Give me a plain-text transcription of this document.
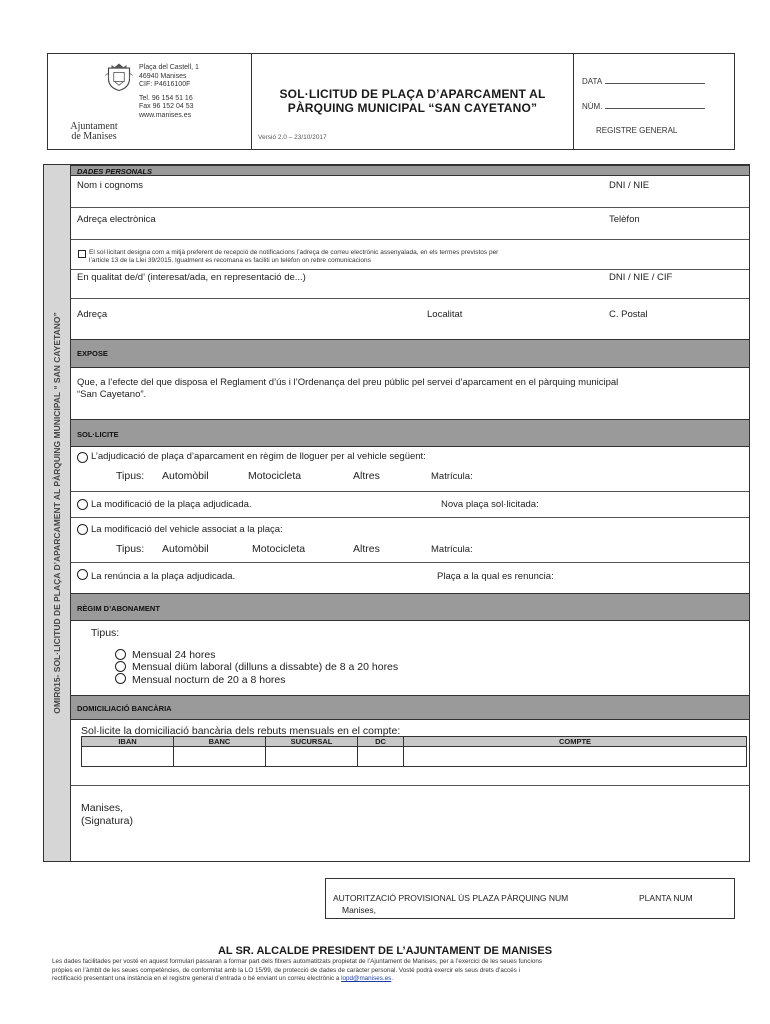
Ajuntament
de Manises
Plaça del Castell, 1
46940 Manises
CIF: P4616100F
Tel. 96 154 51 16
Fax 96 152 04 53
www.manises.es
SOL·LICITUD DE PLAÇA D’APARCAMENT AL
PÀRQUING MUNICIPAL “SAN CAYETANO”
Versió 2.0 – 23/10/2017
DATA
NÚM.
REGISTRE GENERAL
OMIR015- SOL·LICITUD DE PLAÇA D’APARCAMENT AL PÀRQUING MUNICIPAL “ SAN CAYETANO”
DADES PERSONALS
Nom i cognoms	DNI / NIE
Adreça electrònica	Telèfon
El sol·licitant designa com a mitjà preferent de recepció de notificacions l’adreça de correu electrònic assenyalada, en els termes previstos per
l’article 13 de la Llei 39/2015. Igualment es recomana es faciliti un telèfon on rebre comunicacions
En qualitat de/d’ (interesat/ada, en representació de...)	DNI / NIE / CIF
Adreça	Localitat	C. Postal
EXPOSE
Que, a l’efecte del que disposa el Reglament d’ús i l’Ordenança del preu públic pel servei d’aparcament en el pàrquing municipal
“San Cayetano”.
SOL·LICITE
L’adjudicació de plaça d’aparcament en règim de lloguer per al vehicle següent:
Tipus: Automòbil	Motocicleta	Altres	Matrícula:
La modificació de la plaça adjudicada.	Nova plaça sol·licitada:
La modificació del vehicle associat a la plaça:
Tipus: Automòbil	Motocicleta	Altres	Matrícula:
La renúncia a la plaça adjudicada.	Plaça a la qual es renuncia:
RÈGIM D’ABONAMENT
Tipus:
Mensual 24 hores
Mensual diüm laboral (dilluns a dissabte) de 8 a 20 hores
Mensual nocturn de 20 a 8 hores
DOMICILIACIÓ BANCÀRIA
Sol·licite la domiciliació bancària dels rebuts mensuals en el compte:
IBAN	BANC	SUCURSAL	DC	COMPTE

Manises,
(Signatura)
AUTORITZACIÓ PROVISIONAL ÚS PLAZA PÀRQUING NUM	PLANTA NUM
Manises,
AL SR. ALCALDE PRESIDENT DE L’AJUNTAMENT DE MANISES
Les dades facilitades per vosté en aquest formulari passaran a formar part dels fitxers automatitzats propietat de l’Ajuntament de Manises, per a l’exercici de les seues funcions
pròpies en l’àmbit de les seues competències, de conformitat amb la LO 15/99, de protecció de dades de caràcter personal. Vosté podrà exercir els seus drets d’accés i
rectificació presentant una instància en el registre general d’entrada o bé enviant un correu electrònic a lopd@manises.es.
